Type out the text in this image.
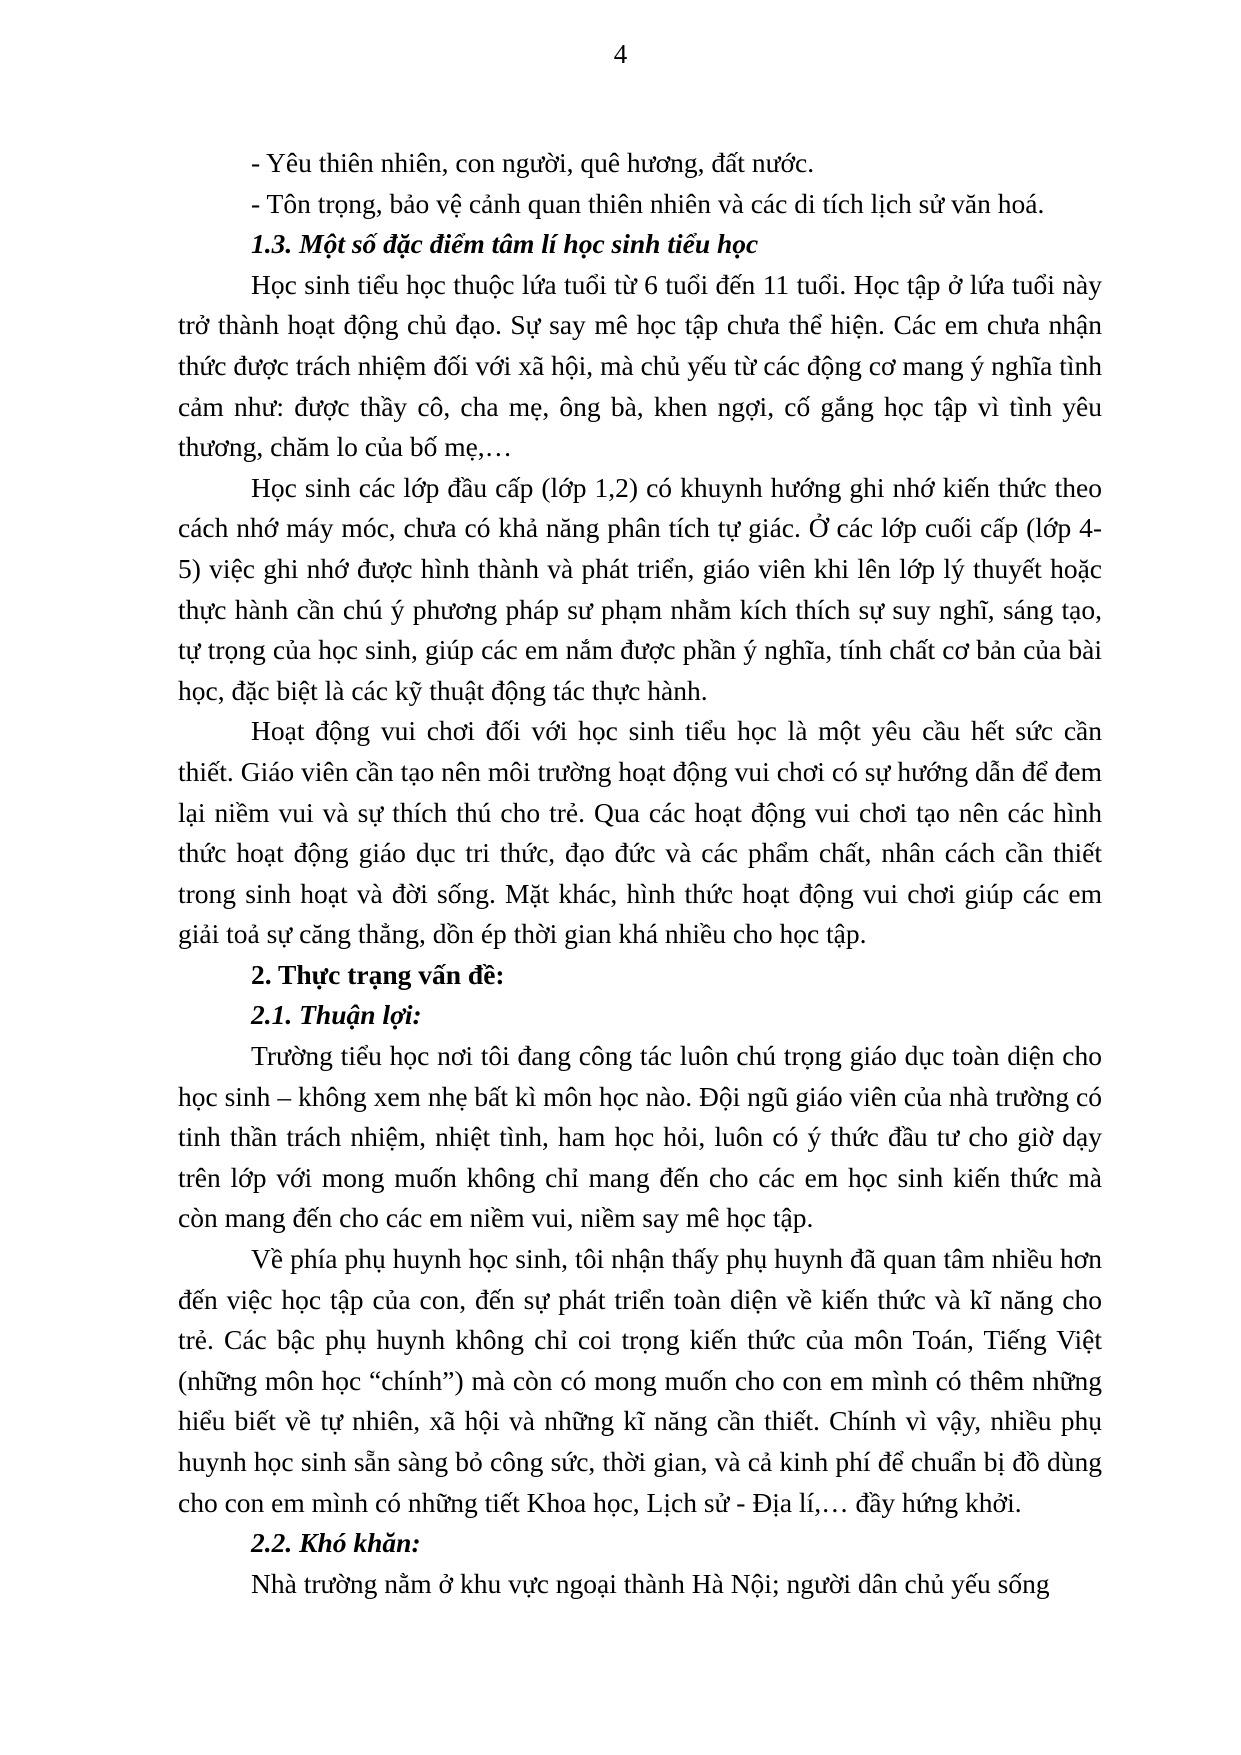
4

- Yêu thiên nhiên, con người, quê hương, đất nước.

- Tôn trọng, bảo vệ cảnh quan thiên nhiên và các di tích lịch sử văn hoá.

1.3. Một số đặc điểm tâm lí học sinh tiểu học

Học sinh tiểu học thuộc lứa tuổi từ 6 tuổi đến 11 tuổi. Học tập ở lứa tuổi này trở thành hoạt động chủ đạo. Sự say mê học tập chưa thể hiện. Các em chưa nhận thức được trách nhiệm đối với xã hội, mà chủ yếu từ các động cơ mang ý nghĩa tình cảm như: được thầy cô, cha mẹ, ông bà, khen ngợi, cố gắng học tập vì tình yêu thương, chăm lo của bố mẹ,…

Học sinh các lớp đầu cấp (lớp 1,2) có khuynh hướng ghi nhớ kiến thức theo cách nhớ máy móc, chưa có khả năng phân tích tự giác. Ở các lớp cuối cấp (lớp 4-5) việc ghi nhớ được hình thành và phát triển, giáo viên khi lên lớp lý thuyết hoặc thực hành cần chú ý phương pháp sư phạm nhằm kích thích sự suy nghĩ, sáng tạo, tự trọng của học sinh, giúp các em nắm được phần ý nghĩa, tính chất cơ bản của bài học, đặc biệt là các kỹ thuật động tác thực hành.

Hoạt động vui chơi đối với học sinh tiểu học là một yêu cầu hết sức cần thiết. Giáo viên cần tạo nên môi trường hoạt động vui chơi có sự hướng dẫn để đem lại niềm vui và sự thích thú cho trẻ. Qua các hoạt động vui chơi tạo nên các hình thức hoạt động giáo dục tri thức, đạo đức và các phẩm chất, nhân cách cần thiết trong sinh hoạt và đời sống. Mặt khác, hình thức hoạt động vui chơi giúp các em giải toả sự căng thẳng, dồn ép thời gian khá nhiều cho học tập.

2. Thực trạng vấn đề:

2.1. Thuận lợi:

Trường tiểu học nơi tôi đang công tác luôn chú trọng giáo dục toàn diện cho học sinh – không xem nhẹ bất kì môn học nào. Đội ngũ giáo viên của nhà trường có tinh thần trách nhiệm, nhiệt tình, ham học hỏi, luôn có ý thức đầu tư cho giờ dạy trên lớp với mong muốn không chỉ mang đến cho các em học sinh kiến thức mà còn mang đến cho các em niềm vui, niềm say mê học tập.

Về phía phụ huynh học sinh, tôi nhận thấy phụ huynh đã quan tâm nhiều hơn đến việc học tập của con, đến sự phát triển toàn diện về kiến thức và kĩ năng cho trẻ. Các bậc phụ huynh không chỉ coi trọng kiến thức của môn Toán, Tiếng Việt (những môn học “chính”) mà còn có mong muốn cho con em mình có thêm những hiểu biết về tự nhiên, xã hội và những kĩ năng cần thiết. Chính vì vậy, nhiều phụ huynh học sinh sẵn sàng bỏ công sức, thời gian, và cả kinh phí để chuẩn bị đồ dùng cho con em mình có những tiết Khoa học, Lịch sử - Địa lí,… đầy hứng khởi.

2.2. Khó khăn:

Nhà trường nằm ở khu vực ngoại thành Hà Nội; người dân chủ yếu sống
